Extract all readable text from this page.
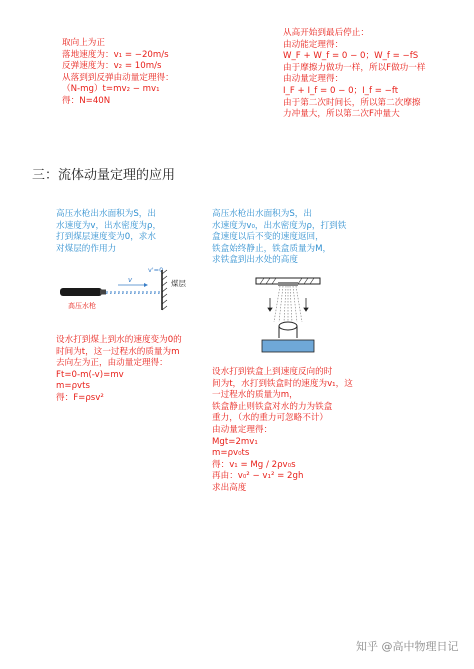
取向上为正
落地速度为：v₁ = −20m/s
反弹速度为：v₂ = 10m/s
从落到到反弹由动量定理得：
（N-mg）t=mv₂ − mv₁
得：N=40N
从高开始到最后停止：
由动能定理得：
W_F + W_f = 0 − 0；W_f = −fS
由于摩擦力做功一样，所以F做功一样
由动量定理得：
I_F + I_f = 0 − 0；I_f = −ft
由于第二次时间长，所以第二次摩擦
力冲量大，所以第二次F冲量大
三：流体动量定理的应用
高压水枪出水面积为S，出
水速度为v，出水密度为ρ，
打到煤层速度变为0，求水
对煤层的作用力
v
v'=0
煤层
高压水枪
设水打到煤上到水的速度变为0的
时间为t，这一过程水的质量为m
去向左为正，由动量定理得：
Ft=0-m(-v)=mv
m=ρvts
得：F=ρsv²
高压水枪出水面积为S，出
水速度为v₀，出水密度为ρ，打到铁
盒速度以后不变的速度返回，
铁盒始终静止，铁盒质量为M，
求铁盒到出水处的高度
设水打到铁盒上到速度反向的时
间为t，水打到铁盒时的速度为v₁，这
一过程水的质量为m，
铁盒静止则铁盒对水的力为铁盒
重力，（水的重力可忽略不计）
由动量定理得：
Mgt=2mv₁
m=ρv₀ts
得：v₁ = Mg / 2ρv₀s
再由：v₀² − v₁² = 2gh
求出高度
知乎 @高中物理日记
